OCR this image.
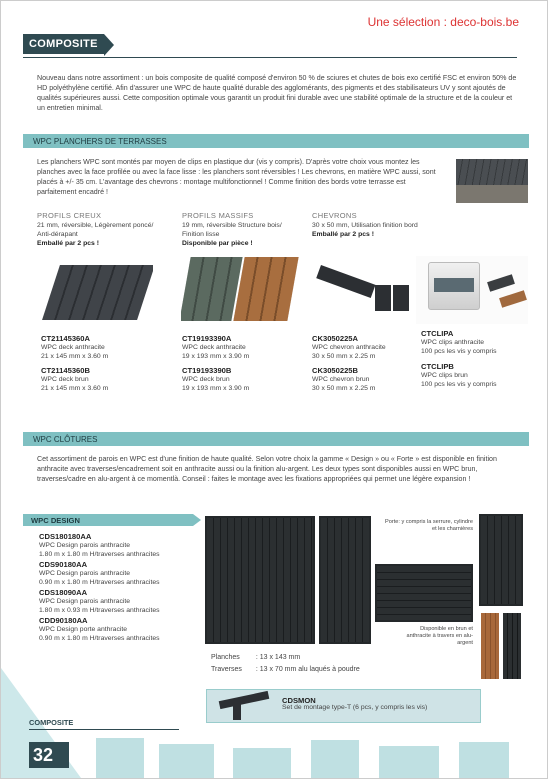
COMPOSITE
Une sélection : deco-bois.be

Nouveau dans notre assortiment : un bois composite de qualité composé d'environ 50 % de sciures et chutes de bois exo certifié FSC et environ 50% de HD polyéthylène certifié. Afin d'assurer une WPC de haute qualité durable des agglomérants, des pigments et des stabilisateurs UV y sont ajoutés de qualités supérieures aussi. Cette composition optimale vous garantit un produit fini durable avec une stabilité optimale de la structure et de la couleur et un entretien minimal.

WPC PLANCHERS DE TERRASSES

Les planchers WPC sont montés par moyen de clips en plastique dur (vis y compris). D'après votre choix vous montez les planches avec la face profilée ou avec la face lisse : les planchers sont réversibles ! Les chevrons, en matière WPC aussi, sont placés à +/- 35 cm. L'avantage des chevrons : montage multifonctionnel ! Comme finition des bords votre terrasse est parfaitement encadré !

PROFILS CREUX
21 mm, réversible, Légèrement poncé/ Anti-dérapant
Emballé par 2 pcs !
CT21145360A
WPC deck anthracite
21 x 145 mm x 3.60 m
CT21145360B
WPC deck brun
21 x 145 mm x 3.60 m
PROFILS MASSIFS
19 mm, réversible Structure bois/ Finition lisse
Disponible par pièce !
CT19193390A
WPC deck anthracite
19 x 193 mm x 3.90 m
CT19193390B
WPC deck brun
19 x 193 mm x 3.90 m
CHEVRONS
30 x 50 mm, Utilisation finition bord
Emballé par 2 pcs !
CK3050225A
WPC chevron anthracite
30 x 50 mm x 2.25 m
CK3050225B
WPC chevron brun
30 x 50 mm x 2.25 m
CTCLIPA
WPC clips anthracite
100 pcs les vis y compris
CTCLIPB
WPC clips brun
100 pcs les vis y compris
WPC CLÔTURES

Cet assortiment de parois en WPC est d'une finition de haute qualité. Selon votre choix la gamme « Design » ou « Forte » est disponible en finition anthracite avec traverses/encadrement soit en anthracite aussi ou la finition alu-argent. Les deux types sont disponibles aussi en WPC brun, traverses/cadre en alu-argent à ce momentlà. Conseil : faites le montage avec les fixations appropriées qui permet une légère expansion !

WPC DESIGN
CDS180180AA
WPC Design parois anthracite
1.80 m x 1.80 m H/traverses anthracites
CDS90180AA
WPC Design parois anthracite
0.90 m x 1.80 m H/traverses anthracites
CDS18090AA
WPC Design parois anthracite
1.80 m x 0.93 m H/traverses anthracites
CDD90180AA
WPC Design porte anthracite
0.90 m x 1.80 m H/traverses anthracites
Porte: y compris la serrure, cylindre et les charnières
Disponible en brun et anthracite à travers en alu-argent
Planches	: 13 x 143 mm
Traverses	: 13 x 70 mm alu laqués à poudre
CDSMON
Set de montage type-T (6 pcs, y compris les vis)
COMPOSITE
32
